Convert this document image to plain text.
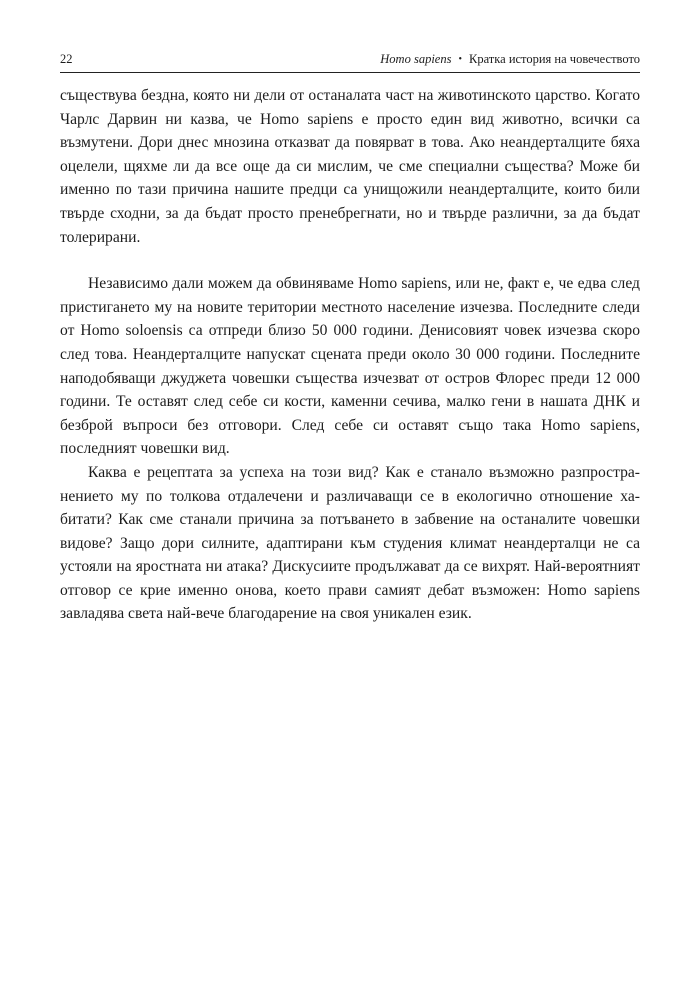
22	Homo sapiens • Кратка история на човечеството

съществува бездна, която ни дели от останалата част на животинското царство. Когато Чарлс Дарвин ни казва, че Homo sapiens е просто един вид животно, всички са възмутени. Дори днес мнозина отказват да повярват в това. Ако неандерталците бяха оцелели, щяхме ли да все още да си мислим, че сме специални същества? Може би именно по тази причина нашите предци са унищожили неандерталците, които били твърде сходни, за да бъдат просто пренебрегнати, но и твърде различни, за да бъдат толерирани.

Независимо дали можем да обвиняваме Homo sapiens, или не, факт е, че едва след пристигането му на новите територии местното население изчезва. Последните следи от Homo soloensis са отпреди близо 50 000 години. Денисовият човек изчезва скоро след това. Неандерталците напускат сцената преди около 30 000 години. Последните наподобяващи джуджета човешки същества изчезват от остров Флорес преди 12 000 години. Те оставят след себе си кости, каменни сечива, малко гени в нашата ДНК и безброй въпроси без отговори. След себе си оставят също така Homo sapiens, последният човешки вид.

Каква е рецептата за успеха на този вид? Как е станало възможно разпространението му по толкова отдалечени и различаващи се в екологично отношение хабитати? Как сме станали причина за потъването в забвение на останалите човешки видове? Защо дори силните, адаптирани към студения климат неандерталци не са устояли на яростната ни атака? Дискусиите продължават да се вихрят. Най-вероятният отговор се крие именно онова, което прави самият дебат възможен: Homo sapiens завладява света най-вече благодарение на своя уникален език.
